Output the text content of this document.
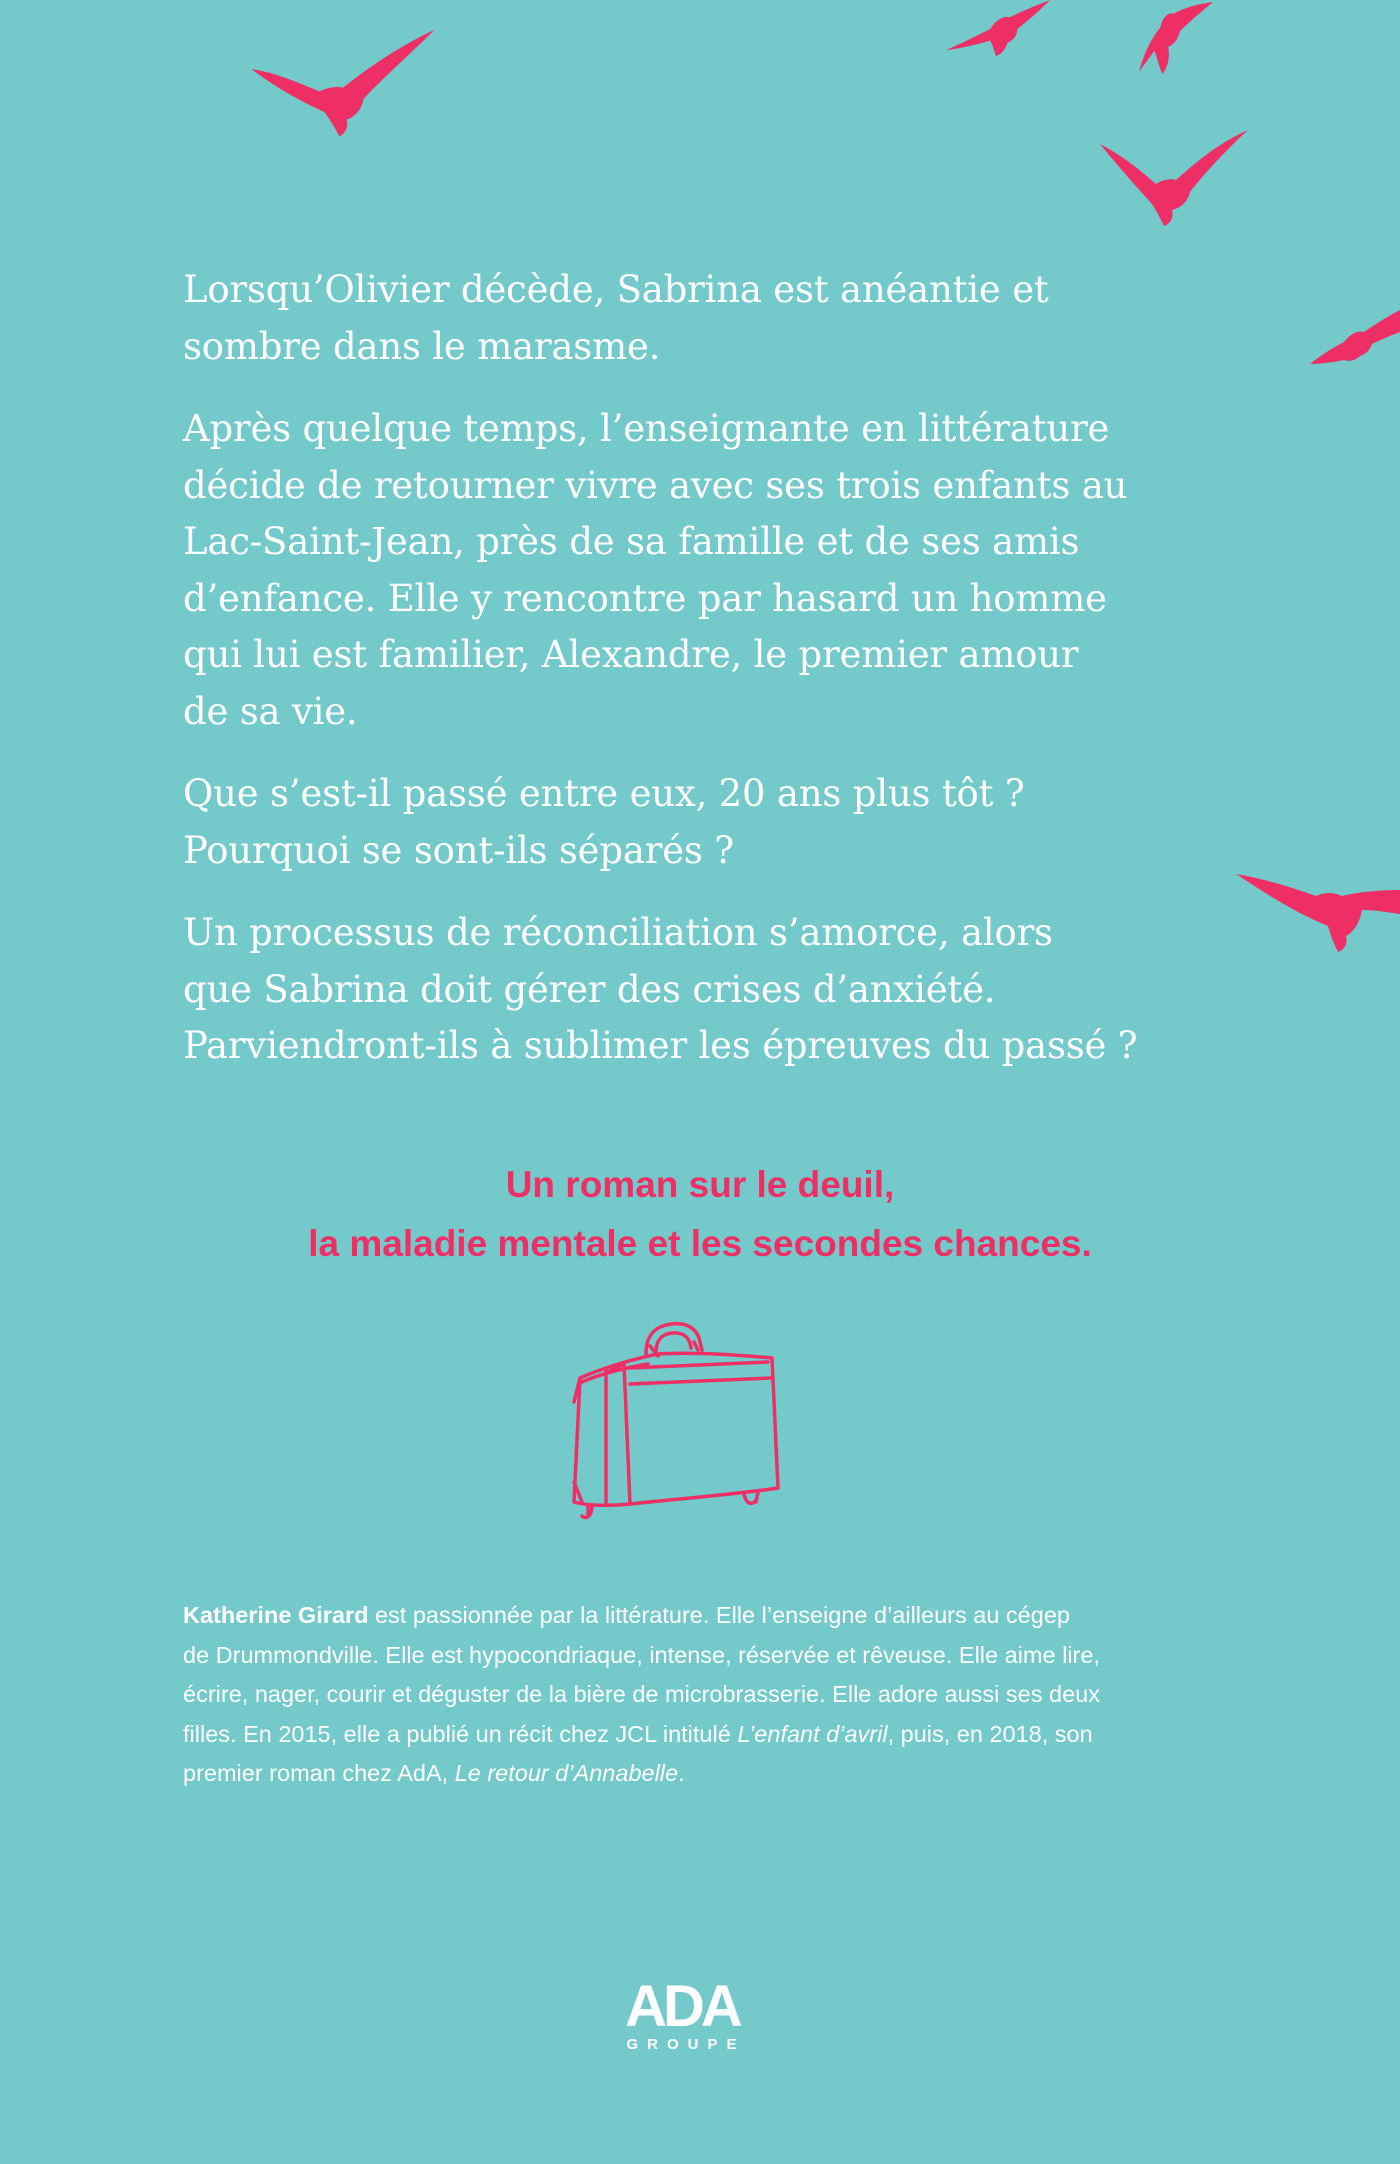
Lorsqu’Olivier décède, Sabrina est anéantie et
sombre dans le marasme.

Après quelque temps, l’enseignante en littérature
décide de retourner vivre avec ses trois enfants au
Lac-Saint-Jean, près de sa famille et de ses amis
d’enfance. Elle y rencontre par hasard un homme
qui lui est familier, Alexandre, le premier amour
de sa vie.

Que s’est-il passé entre eux, 20 ans plus tôt ?
Pourquoi se sont-ils séparés ?

Un processus de réconciliation s’amorce, alors
que Sabrina doit gérer des crises d’anxiété.
Parviendront-ils à sublimer les épreuves du passé ?

Un roman sur le deuil,
la maladie mentale et les secondes chances.
Katherine Girard est passionnée par la littérature. Elle l’enseigne d’ailleurs au cégep
de Drummondville. Elle est hypocondriaque, intense, réservée et rêveuse. Elle aime lire,
écrire, nager, courir et déguster de la bière de microbrasserie. Elle adore aussi ses deux
filles. En 2015, elle a publié un récit chez JCL intitulé L’enfant d’avril, puis, en 2018, son
premier roman chez AdA, Le retour d’Annabelle.
ADA
GROUPE
